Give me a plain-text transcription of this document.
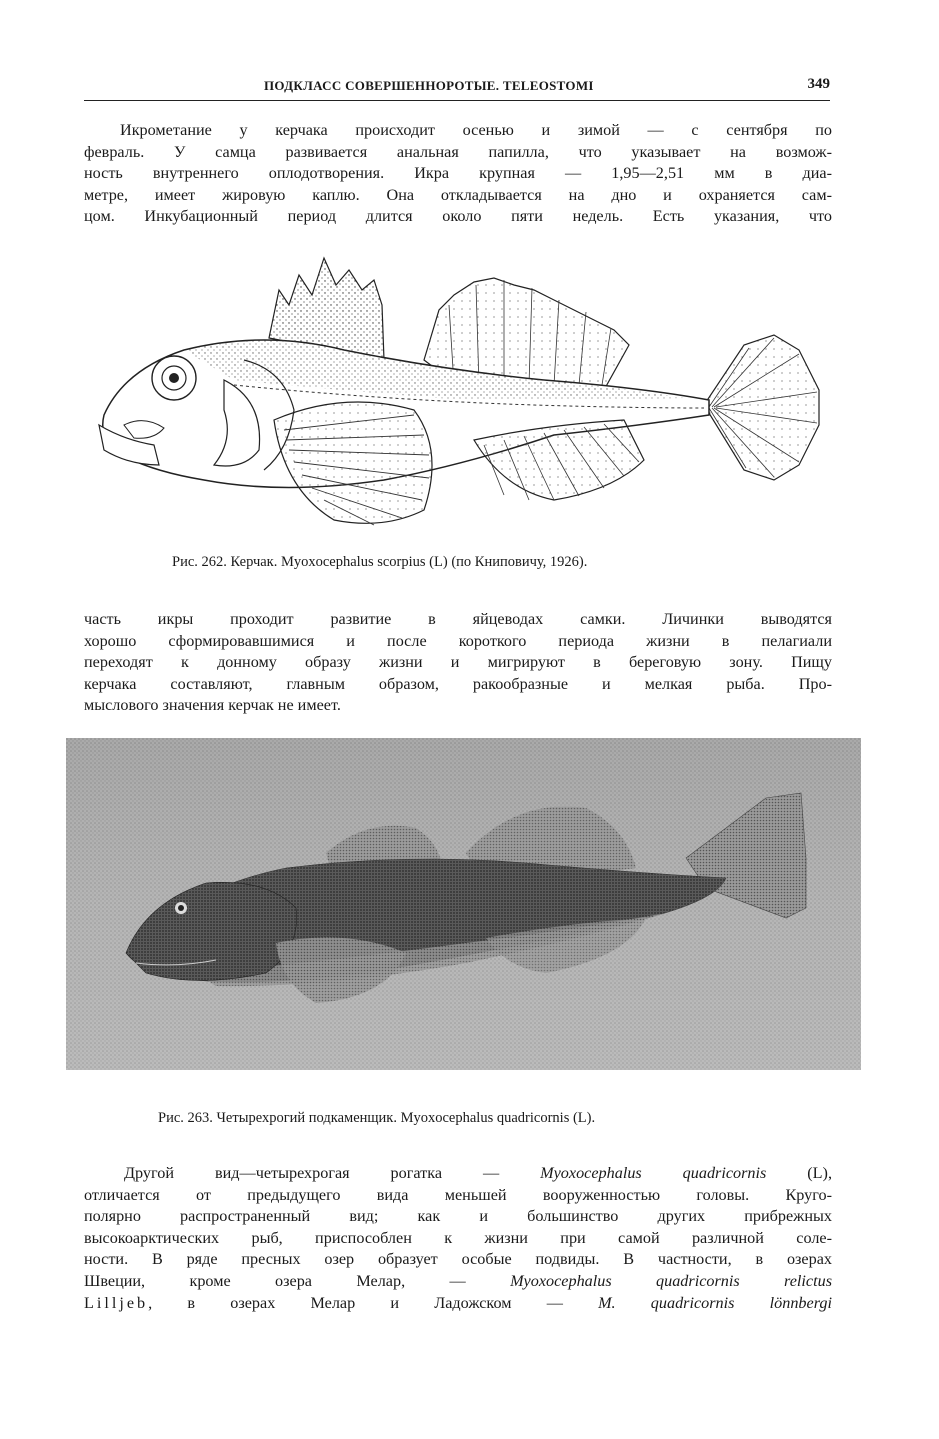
ПОДКЛАСС СОВЕРШЕННОРОТЫЕ. TELEOSTOMI	349
Икрометание у керчака происходит осенью и зимой — с сентября по
февраль. У самца развивается анальная папилла, что указывает на возмож-
ность внутреннего оплодотворения. Икра крупная — 1,95—2,51 мм в диа-
метре, имеет жировую каплю. Она откладывается на дно и охраняется сам-
цом. Инкубационный период длится около пяти недель. Есть указания, что
Рис. 262. Керчак. Myoxocephalus scorpius (L) (по Книповичу, 1926).
часть икры проходит развитие в яйцеводах самки. Личинки выводятся
хорошо сформировавшимися и после короткого периода жизни в пелагиали
переходят к донному образу жизни и мигрируют в береговую зону. Пищу
керчака составляют, главным образом, ракообразные и мелкая рыба. Про-
мыслового значения керчак не имеет.
Рис. 263. Четырехрогий подкаменщик. Myoxocephalus quadricornis (L).
Другой вид—четырехрогая рогатка — Myoxocephalus quadricornis (L),
отличается от предыдущего вида меньшей вооруженностью головы. Круго-
полярно распространенный вид; как и большинство других прибрежных
высокоарктических рыб, приспособлен к жизни при самой различной соле-
ности. В ряде пресных озер образует особые подвиды. В частности, в озерах
Швеции, кроме озера Мелар, — Myoxocephalus quadricornis relictus
Lilljeb, в озерах Мелар и Ладожском — M. quadricornis lönnbergi
